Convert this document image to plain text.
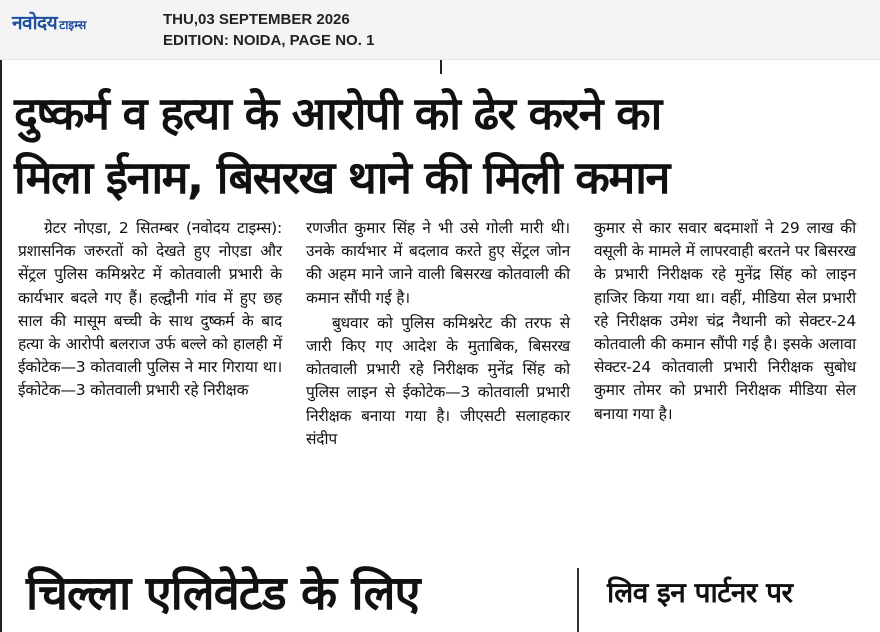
नवोदय टाइम्स	THU,03 SEPTEMBER 2026
EDITION: NOIDA, PAGE NO. 1
दुष्कर्म व हत्या के आरोपी को ढेर करने का
मिला ईनाम, बिसरख थाने की मिली कमान

ग्रेटर नोएडा, 2 सितम्बर (नवोदय टाइम्स): प्रशासनिक जरुरतों को देखते हुए नोएडा और सेंट्रल पुलिस कमिश्नरेट में कोतवाली प्रभारी के कार्यभार बदले गए हैं। हल्द्वौनी गांव में हुए छह साल की मासूम बच्ची के साथ दुष्कर्म के बाद हत्या के आरोपी बलराज उर्फ बल्ले को हालही में ईकोटेक—3 कोतवाली पुलिस ने मार गिराया था। ईकोटेक—3 कोतवाली प्रभारी रहे निरीक्षक

रणजीत कुमार सिंह ने भी उसे गोली मारी थी। उनके कार्यभार में बदलाव करते हुए सेंट्रल जोन की अहम माने जाने वाली बिसरख कोतवाली की कमान सौंपी गई है।

बुधवार को पुलिस कमिश्नरेट की तरफ से जारी किए गए आदेश के मुताबिक, बिसरख कोतवाली प्रभारी रहे निरीक्षक मुनेंद्र सिंह को पुलिस लाइन से ईकोटेक—3 कोतवाली प्रभारी निरीक्षक बनाया गया है। जीएसटी सलाहकार संदीप

कुमार से कार सवार बदमाशों ने 29 लाख की वसूली के मामले में लापरवाही बरतने पर बिसरख के प्रभारी निरीक्षक रहे मुनेंद्र सिंह को लाइन हाजिर किया गया था। वहीं, मीडिया सेल प्रभारी रहे निरीक्षक उमेश चंद्र नैथानी को सेक्टर-24 कोतवाली की कमान सौंपी गई है। इसके अलावा सेक्टर-24 कोतवाली प्रभारी निरीक्षक सुबोध कुमार तोमर को प्रभारी निरीक्षक मीडिया सेल बनाया गया है।

चिल्ला एलिवेटेड के लिए	लिव इन पार्टनर पर
